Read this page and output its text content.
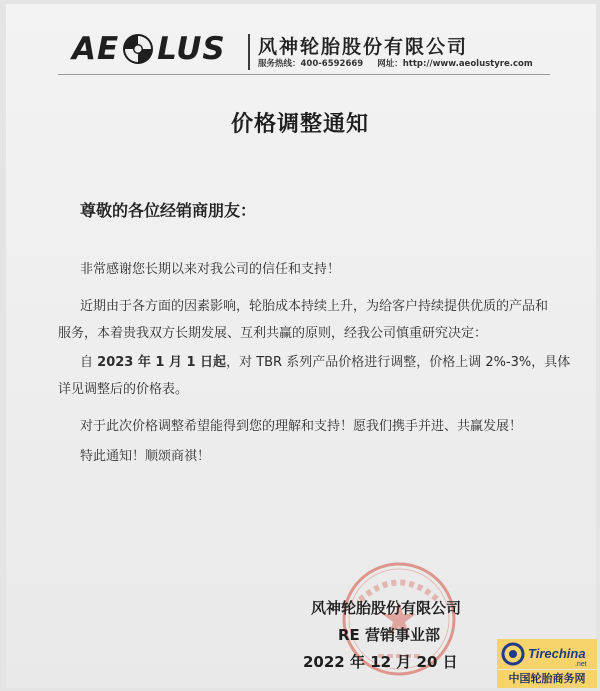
AE LUS 风神轮胎股份有限公司
服务热线：400-6592669 网址：http://www.aeolustyre.com
价格调整通知
尊敬的各位经销商朋友：
非常感谢您长期以来对我公司的信任和支持！
近期由于各方面的因素影响，轮胎成本持续上升，为给客户持续提供优质的产品和
服务，本着贵我双方长期发展、互利共赢的原则，经我公司慎重研究决定：
自 2023 年 1 月 1 日起，对 TBR 系列产品价格进行调整，价格上调 2%-3%，具体
详见调整后的价格表。
对于此次价格调整希望能得到您的理解和支持！愿我们携手并进、共赢发展！
特此通知！顺颂商祺！
风神轮胎股份有限公司
RE 营销事业部
2022 年 12 月 20 日	Tirechina
.net
中国轮胎商务网
